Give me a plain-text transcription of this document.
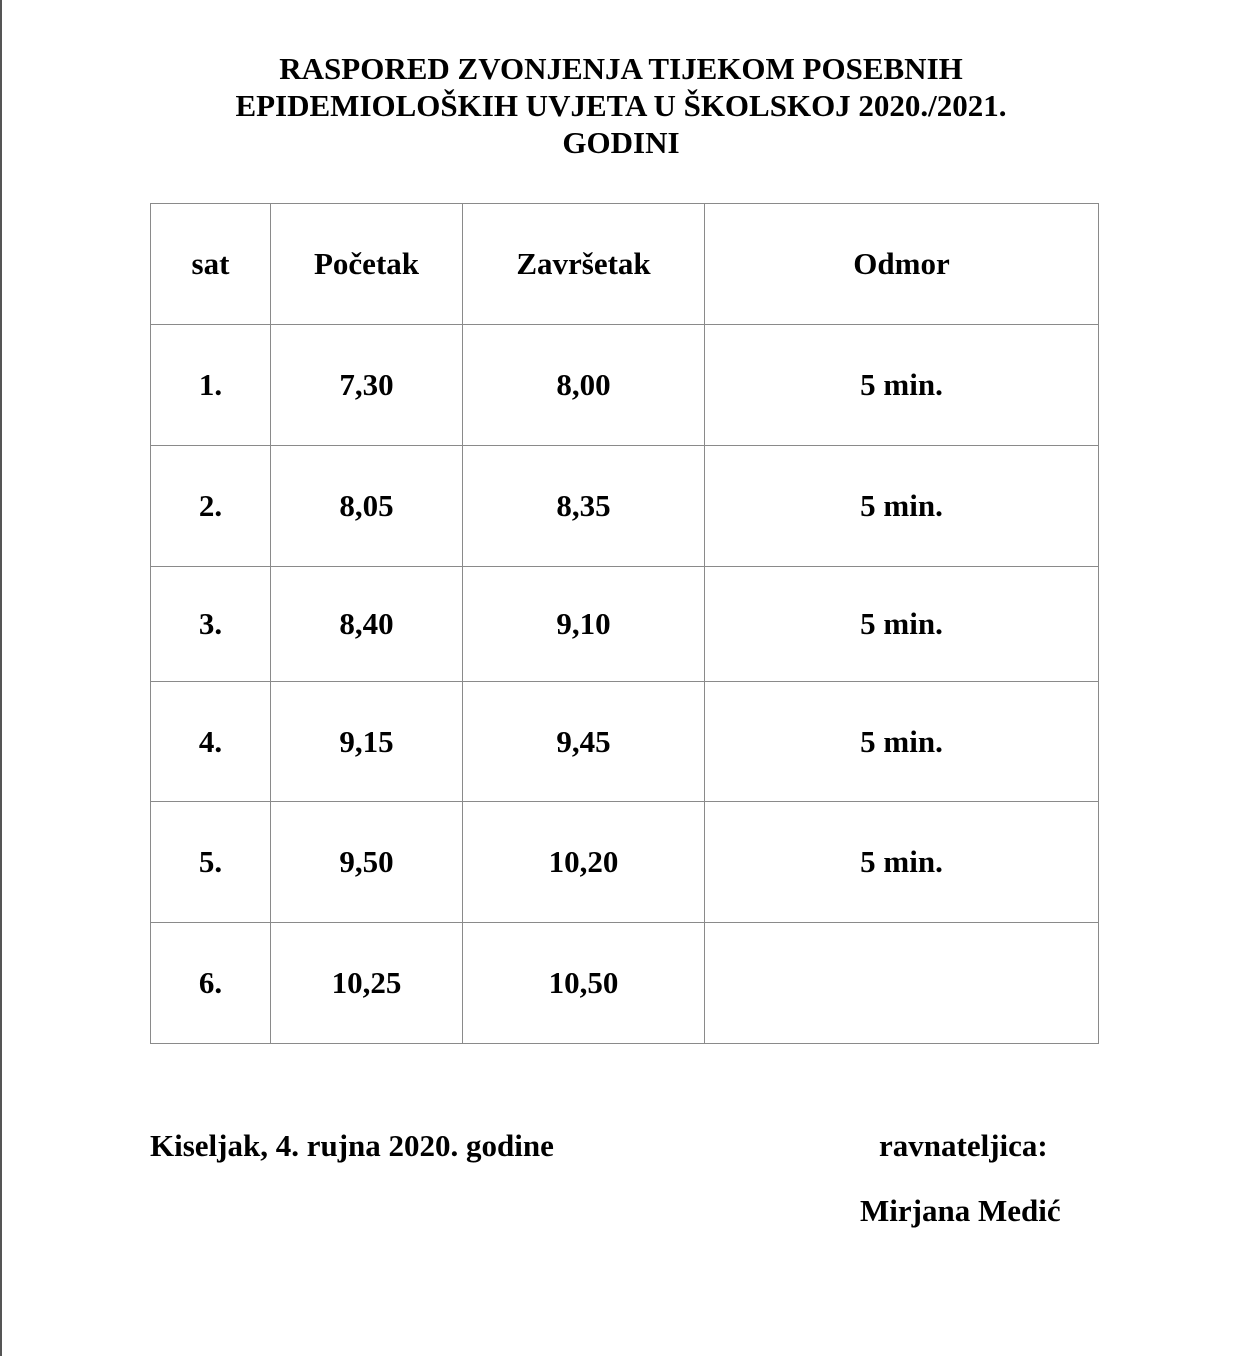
RASPORED ZVONJENJA TIJEKOM POSEBNIH
EPIDEMIOLOŠKIH UVJETA U ŠKOLSKOJ 2020./2021.
GODINI
sat	Početak	Završetak	Odmor
1.	7,30	8,00	5 min.
2.	8,05	8,35	5 min.
3.	8,40	9,10	5 min.
4.	9,15	9,45	5 min.
5.	9,50	10,20	5 min.
6.	10,25	10,50	
Kiseljak, 4. rujna 2020. godine	ravnateljica:
Mirjana Medić
